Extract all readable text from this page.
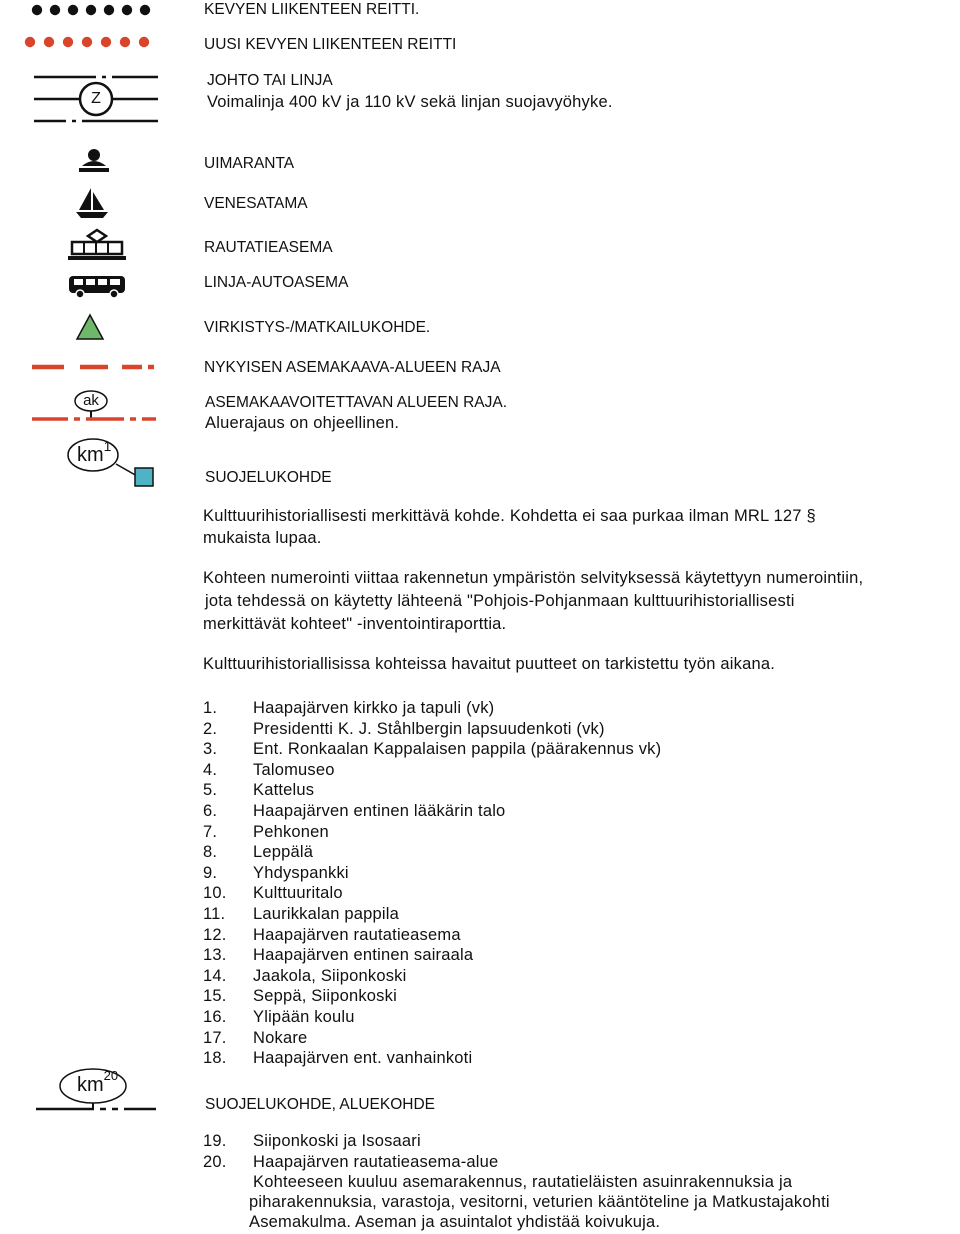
KEVYEN LIIKENTEEN REITTI.
UUSI KEVYEN LIIKENTEEN REITTI
Z
JOHTO TAI LINJA
Voimalinja 400 kV ja 110 kV sekä linjan suojavyöhyke.
UIMARANTA
VENESATAMA
RAUTATIEASEMA
LINJA-AUTOASEMA
VIRKISTYS-/MATKAILUKOHDE.
NYKYISEN ASEMAKAAVA-ALUEEN RAJA
ak	ASEMAKAAVOITETTAVAN ALUEEN RAJA.
Aluerajaus on ohjeellinen.
$km^1$
SUOJELUKOHDE
Kulttuurihistoriallisesti merkittävä kohde. Kohdetta ei saa purkaa ilman MRL 127 §
mukaista lupaa.
Kohteen numerointi viittaa rakennetun ympäristön selvityksessä käytettyyn numerointiin,
jota tehdessä on käytetty lähteenä "Pohjois-Pohjanmaan kulttuurihistoriallisesti
merkittävät kohteet" -inventointiraporttia.
Kulttuurihistoriallisissa kohteissa havaitut puutteet on tarkistettu työn aikana.
1. Haapajärven kirkko ja tapuli (vk)
2. Presidentti K. J. Ståhlbergin lapsuudenkoti (vk)
3. Ent. Ronkaalan Kappalaisen pappila (päärakennus vk)
4. Talomuseo
5. Kattelus
6. Haapajärven entinen lääkärin talo
7. Pehkonen
8. Leppälä
9. Yhdyspankki
10. Kulttuuritalo
11. Laurikkalan pappila
12. Haapajärven rautatieasema
13. Haapajärven entinen sairaala
14. Jaakola, Siiponkoski
15. Seppä, Siiponkoski
16. Ylipään koulu
17. Nokare
18. Haapajärven ent. vanhainkoti
$km^{20}$
SUOJELUKOHDE, ALUEKOHDE
19. Siiponkoski ja Isosaari
20. Haapajärven rautatieasema-alue
Kohteeseen kuuluu asemarakennus, rautatieläisten asuinrakennuksia ja
piharakennuksia, varastoja, vesitorni, veturien kääntöteline ja Matkustajakohti
Asemakulma. Aseman ja asuintalot yhdistää koivukuja.
